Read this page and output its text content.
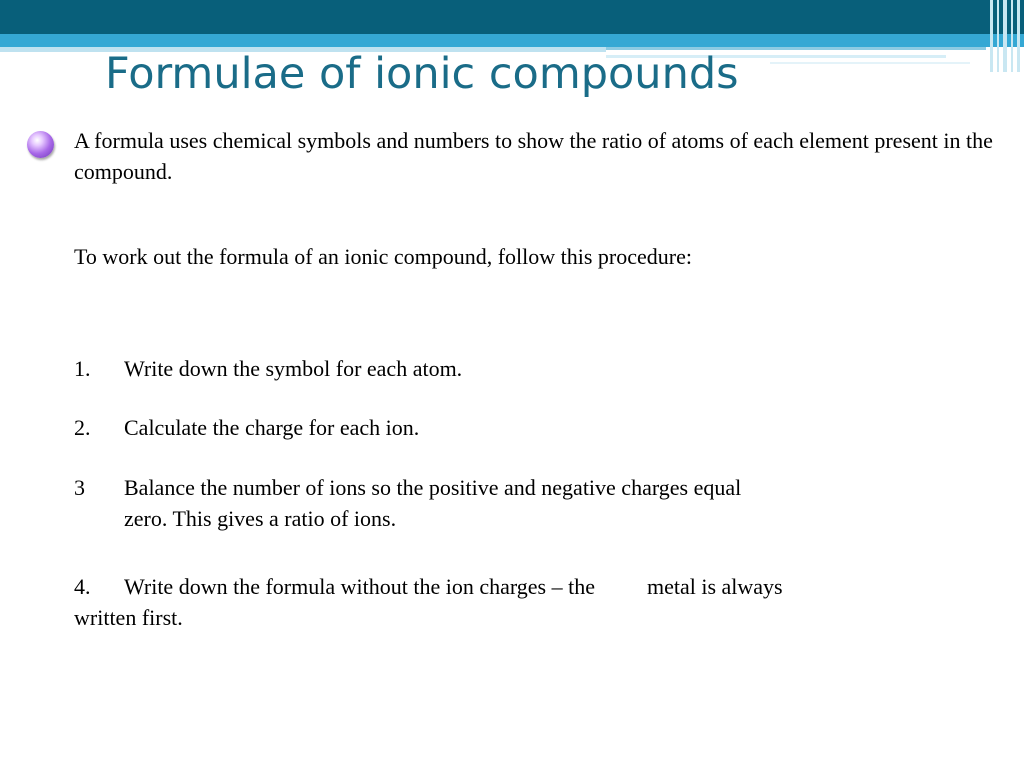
Formulae of ionic compounds

A formula uses chemical symbols and numbers to show the ratio of atoms of each element present in the compound.

To work out the formula of an ionic compound, follow this procedure:

1. Write down the symbol for each atom.

2. Calculate the charge for each ion.

3 Balance the number of ions so the positive and negative charges equal zero. This gives a ratio of ions.

4. Write down the formula without the ion charges – the metal is always
written first.
